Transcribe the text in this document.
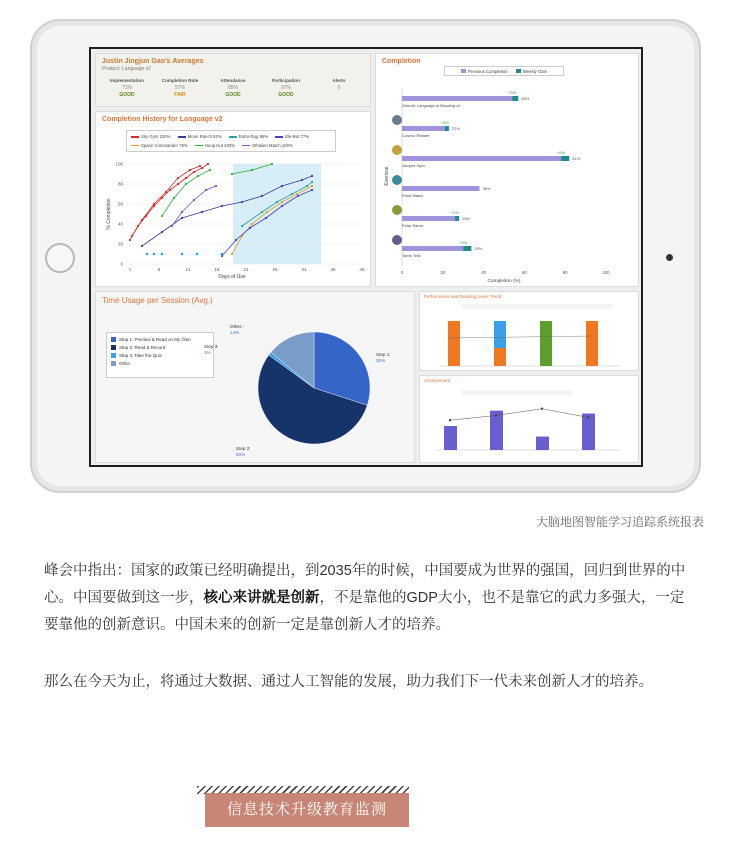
Justin Jingjun Gao's Averages
Product: Language v2
Implementation
71%
GOOD
Completion Rate
57%
FAIR
Attendance
85%
GOOD
Participation
97%
GOOD
Alerts
0
Completion History for Language v2
Sky Gym 100%	Moon Ranch 82%	Robo-Dog 86%	Ele-Bot 77%
Space Commander 76%	Hoop Hut 100%	Whalien Match 100%
100
80
60
40
20
0
1	6	11	16	21	26	31	35	40
Days of Use
% Completion
Completion
Previous Completion	Weekly Gain
0	20	40	60	80	100
Completion (%)
Exercise
+3%
58%
Overall: Language to Reading v2
+2%
22%
Cosmic Reader
+5%
81%
Jumper Gym
38%
Pond Match
+2%
28%
Polar Parrot
+4%
35%
Tomb Trek
Time Usage per Session (Avg.)
Step 1: Preview & Read on My Own
Step 2: Read & Record
Step 3: Take the Quiz
Other
Step 1:
30%
Step 2:
60%
Step 3:
1%
Other:
14%
Performance and Reading Level Trend
Achievement
大脑地图智能学习追踪系统报表

峰会中指出：国家的政策已经明确提出，到2035年的时候，中国要成为世界的强国，回归到世界的中心。中国要做到这一步，核心来讲就是创新，不是靠他的GDP大小，也不是靠它的武力多强大，一定要靠他的创新意识。中国未来的创新一定是靠创新人才的培养。

那么在今天为止，将通过大数据、通过人工智能的发展，助力我们下一代未来创新人才的培养。

信息技术升级教育监测
